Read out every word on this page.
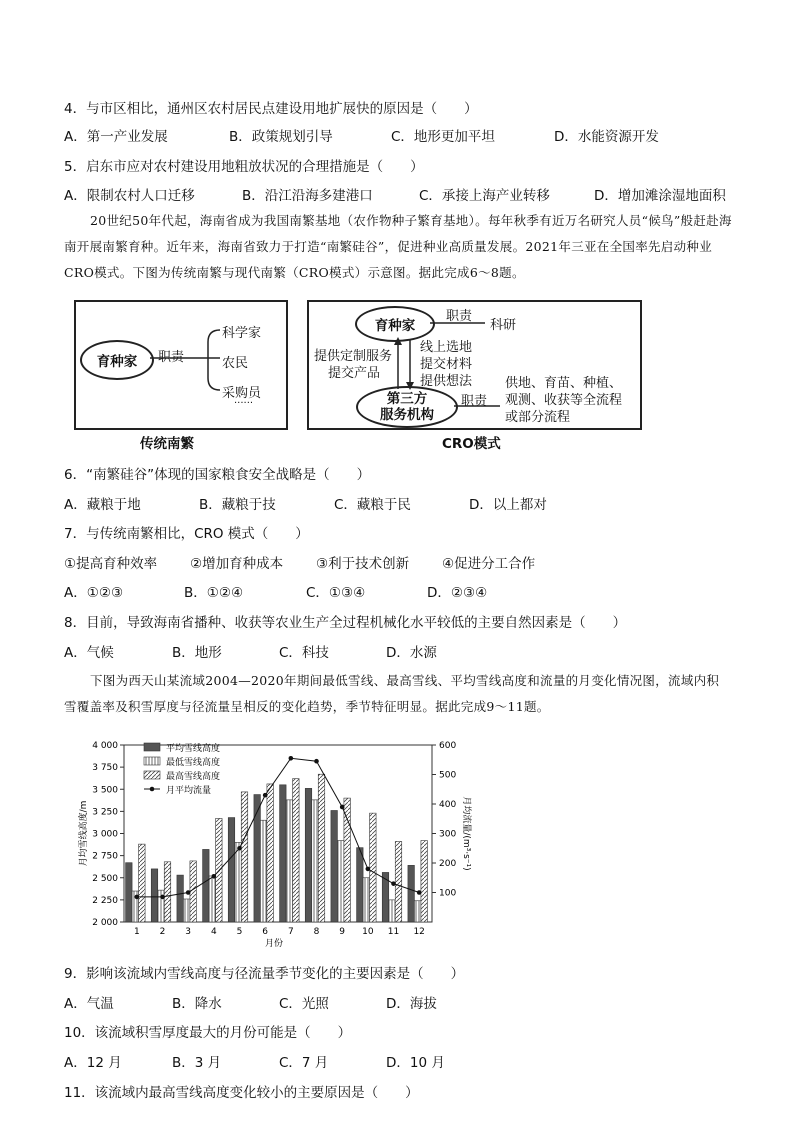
4．与市区相比，通州区农村居民点建设用地扩展快的原因是（　　）
A．第一产业发展	B．政策规划引导	C．地形更加平坦	D．水能资源开发
5．启东市应对农村建设用地粗放状况的合理措施是（　　）
A．限制农村人口迁移	B．沿江沿海多建港口	C．承接上海产业转移	D．增加滩涂湿地面积
20世纪50年代起，海南省成为我国南繁基地（农作物种子繁育基地）。每年秋季有近万名研究人员“候鸟”般赶赴海南开展南繁育种。近年来，海南省致力于打造“南繁硅谷”，促进种业高质量发展。2021年三亚在全国率先启动种业CRO模式。下图为传统南繁与现代南繁（CRO模式）示意图。据此完成6～8题。
育种家	职责
科学家
农民
采购员
······
传统南繁
育种家
职责
科研
提供定制服务
提交产品
线上选地
提交材料
提供想法
第三方
服务机构
职责
供地、育苗、种植、
观测、收获等全流程
或部分流程
CRO模式
6．“南繁硅谷”体现的国家粮食安全战略是（　　）
A．藏粮于地	B．藏粮于技	C．藏粮于民	D．以上都对
7．与传统南繁相比，CRO 模式（　　）
①提高育种效率 ②增加育种成本 ③利于技术创新 ④促进分工合作
A．①②③	B．①②④	C．①③④	D．②③④
8．目前，导致海南省播种、收获等农业生产全过程机械化水平较低的主要自然因素是（　　）
A．气候	B．地形	C．科技	D．水源
下图为西天山某流域2004—2020年期间最低雪线、最高雪线、平均雪线高度和流量的月变化情况图，流域内积雪覆盖率及积雪厚度与径流量呈相反的变化趋势，季节特征明显。据此完成9～11题。
2 000
2 250
2 500
2 750
3 000
3 250
3 500
3 750
4 000
100
200
300
400
500
600
1 2 3 4 5 6 7 8 9 10 11 12
月份
月均雪线高度/m	月均流量/(m³·s⁻¹)
平均雪线高度
最低雪线高度
最高雪线高度
月平均流量
9．影响该流域内雪线高度与径流量季节变化的主要因素是（　　）
A．气温	B．降水	C．光照	D．海拔
10．该流域积雪厚度最大的月份可能是（　　）
A．12 月	B．3 月	C．7 月	D．10 月
11．该流域内最高雪线高度变化较小的主要原因是（　　）
